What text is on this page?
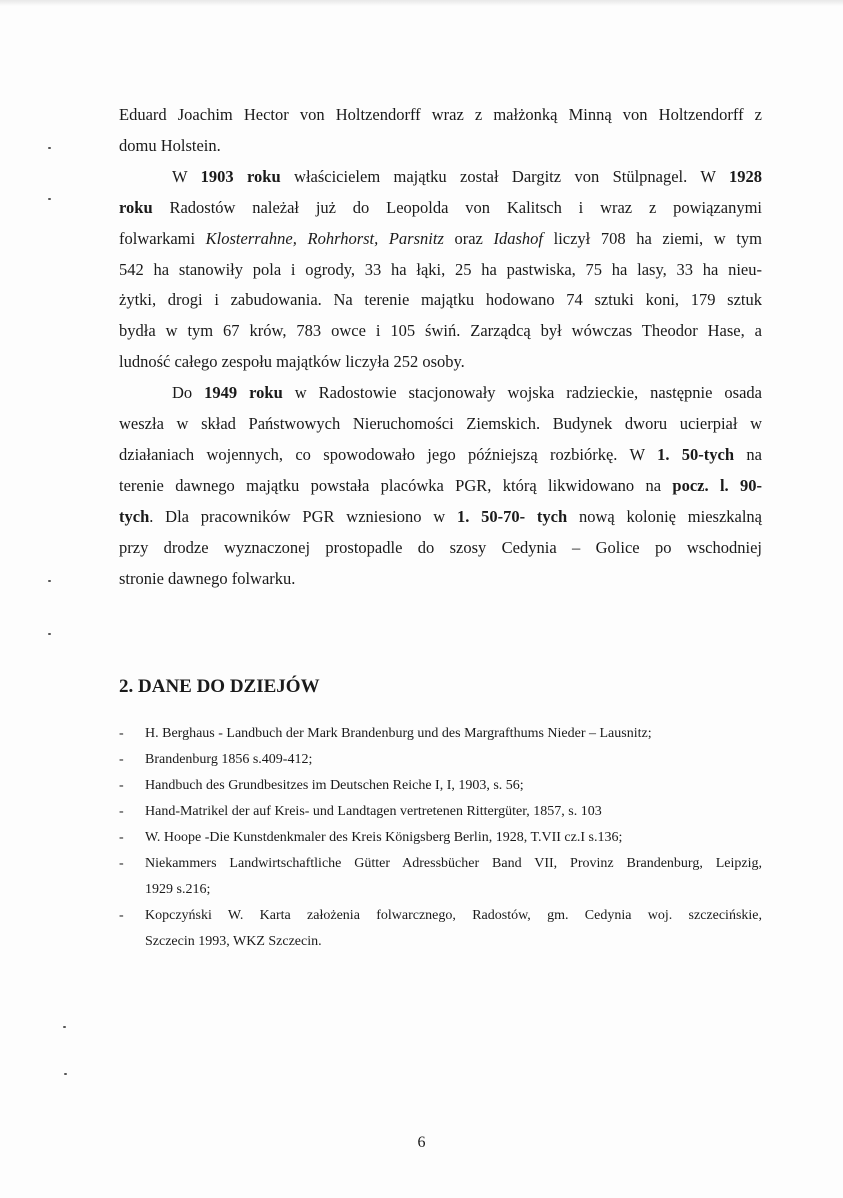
Eduard Joachim Hector von Holtzendorff wraz z małżonką Minną von Holtzendorff z
domu Holstein.

W 1903 roku właścicielem majątku został Dargitz von Stülpnagel. W 1928
roku Radostów należał już do Leopolda von Kalitsch i wraz z powiązanymi
folwarkami Klosterrahne, Rohrhorst, Parsnitz oraz Idashof liczył 708 ha ziemi, w tym
542 ha stanowiły pola i ogrody, 33 ha łąki, 25 ha pastwiska, 75 ha lasy, 33 ha nieu-
żytki, drogi i zabudowania. Na terenie majątku hodowano 74 sztuki koni, 179 sztuk
bydła w tym 67 krów, 783 owce i 105 świń. Zarządcą był wówczas Theodor Hase, a
ludność całego zespołu majątków liczyła 252 osoby.

Do 1949 roku w Radostowie stacjonowały wojska radzieckie, następnie osada
weszła w skład Państwowych Nieruchomości Ziemskich. Budynek dworu ucierpiał w
działaniach wojennych, co spowodowało jego późniejszą rozbiórkę. W 1. 50-tych na
terenie dawnego majątku powstała placówka PGR, którą likwidowano na pocz. l. 90-
tych. Dla pracowników PGR wzniesiono w 1. 50-70- tych nową kolonię mieszkalną
przy drodze wyznaczonej prostopadle do szosy Cedynia – Golice po wschodniej
stronie dawnego folwarku.

2. DANE DO DZIEJÓW
- H. Berghaus - Landbuch der Mark Brandenburg und des Margrafthums Nieder – Lausnitz;
- Brandenburg 1856 s.409-412;
- Handbuch des Grundbesitzes im Deutschen Reiche I, I, 1903, s. 56;
- Hand-Matrikel der auf Kreis- und Landtagen vertretenen Rittergüter, 1857, s. 103
- W. Hoope -Die Kunstdenkmaler des Kreis Königsberg Berlin, 1928, T.VII cz.I s.136;
- Niekammers Landwirtschaftliche Gütter Adressbücher Band VII, Provinz Brandenburg, Leipzig,
1929 s.216;
- Kopczyński W. Karta założenia folwarcznego, Radostów, gm. Cedynia woj. szczecińskie,
Szczecin 1993, WKZ Szczecin.
6
